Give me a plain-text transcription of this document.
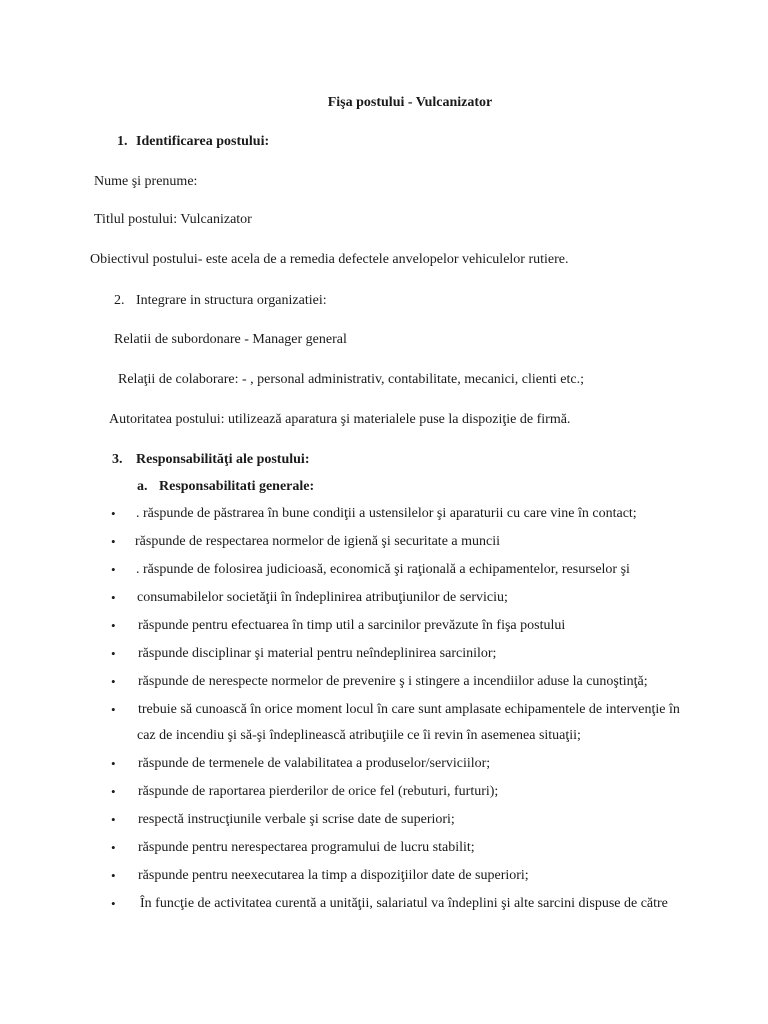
Fişa postului - Vulcanizator
1. Identificarea postului:
Nume şi prenume:
Titlul postului: Vulcanizator
Obiectivul postului- este acela de a remedia defectele anvelopelor vehiculelor rutiere.
2. Integrare in structura organizatiei:
Relatii de subordonare - Manager general
Relaţii de colaborare: - , personal administrativ, contabilitate, mecanici, clienti etc.;
Autoritatea postului: utilizează aparatura şi materialele puse la dispoziţie de firmă.
3. Responsabilităţi ale postului:
a. Responsabilitati generale:
• . răspunde de păstrarea în bune condiţii a ustensilelor şi aparaturii cu care vine în contact;
• răspunde de respectarea normelor de igienă şi securitate a muncii
• . răspunde de folosirea judicioasă, economică şi raţională a echipamentelor, resurselor şi
• consumabilelor societăţii în îndeplinirea atribuţiunilor de serviciu;
• răspunde pentru efectuarea în timp util a sarcinilor prevăzute în fişa postului
• răspunde disciplinar şi material pentru neîndeplinirea sarcinilor;
• răspunde de nerespecte normelor de prevenire ş i stingere a incendiilor aduse la cunoştinţă;
• trebuie să cunoască în orice moment locul în care sunt amplasate echipamentele de intervenţie în
caz de incendiu şi să-şi îndeplinească atribuţiile ce îi revin în asemenea situaţii;
• răspunde de termenele de valabilitatea a produselor/serviciilor;
• răspunde de raportarea pierderilor de orice fel (rebuturi, furturi);
• respectă instrucţiunile verbale şi scrise date de superiori;
• răspunde pentru nerespectarea programului de lucru stabilit;
• răspunde pentru neexecutarea la timp a dispoziţiilor date de superiori;
• În funcţie de activitatea curentă a unităţii, salariatul va îndeplini şi alte sarcini dispuse de către
